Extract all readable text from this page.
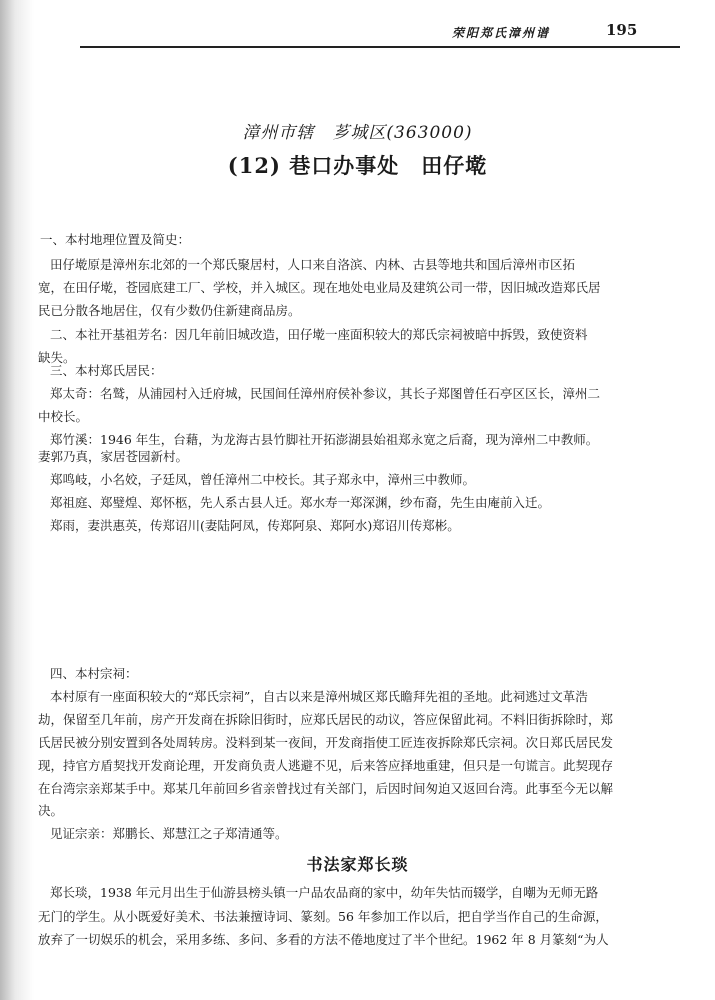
荣阳郑氏漳州谱	195
漳州市辖　芗城区(363000)
(12) 巷口办事处　田仔墘
一、本村地理位置及简史：
田仔墘原是漳州东北郊的一个郑氏聚居村，人口来自洛滨、内林、古县等地共和国后漳州市区拓
宽，在田仔墘，苍园底建工厂、学校，并入城区。现在地处电业局及建筑公司一带，因旧城改造郑氏居
民已分散各地居住，仅有少数仍住新建商品房。
二、本社开基祖芳名：因几年前旧城改造，田仔墘一座面积较大的郑氏宗祠被暗中拆毁，致使资料
缺失。
三、本村郑氏居民：
郑太奇：名鹫，从浦园村入迁府城，民国间任漳州府侯补参议，其长子郑图曾任石亭区区长，漳州二
中校长。
郑竹溪：1946 年生，台藉，为龙海古县竹脚社开拓澎湖县始祖郑永宽之后裔，现为漳州二中教师。
妻郭乃真，家居苍园新村。
郑鸣岐，小名姣，子廷凤，曾任漳州二中校长。其子郑永中，漳州三中教师。
郑祖庭、郑璧煌、郑怀柩，先人系古县人迁。郑水寿一郑深渊，纱布裔，先生由庵前入迁。
郑雨，妻洪惠英，传郑诏川(妻陆阿凤，传郑阿泉、郑阿水)郑诏川传郑彬。
四、本村宗祠：
本村原有一座面积较大的“郑氏宗祠”，自古以来是漳州城区郑氏瞻拜先祖的圣地。此祠逃过文革浩
劫，保留至几年前，房产开发商在拆除旧街时，应郑氏居民的动议，答应保留此祠。不料旧街拆除时，郑
氏居民被分别安置到各处周转房。没料到某一夜间，开发商指使工匠连夜拆除郑氏宗祠。次日郑氏居民发
现，持官方盾契找开发商论理，开发商负责人逃避不见，后来答应择地重建，但只是一句谎言。此契现存
在台湾宗亲郑某手中。郑某几年前回乡省亲曾找过有关部门，后因时间匆迫又返回台湾。此事至今无以解
决。
见证宗亲：郑鹏长、郑慧江之子郑清通等。
书法家郑长琰
郑长琰，1938 年元月出生于仙游县榜头镇一户品农品商的家中，幼年失怙而辍学，自嘲为无师无路
无门的学生。从小既爱好美术、书法兼擅诗词、篆刻。56 年参加工作以后，把自学当作自己的生命源，
放弃了一切娱乐的机会，采用多练、多问、多看的方法不倦地度过了半个世纪。1962 年 8 月篆刻“为人
